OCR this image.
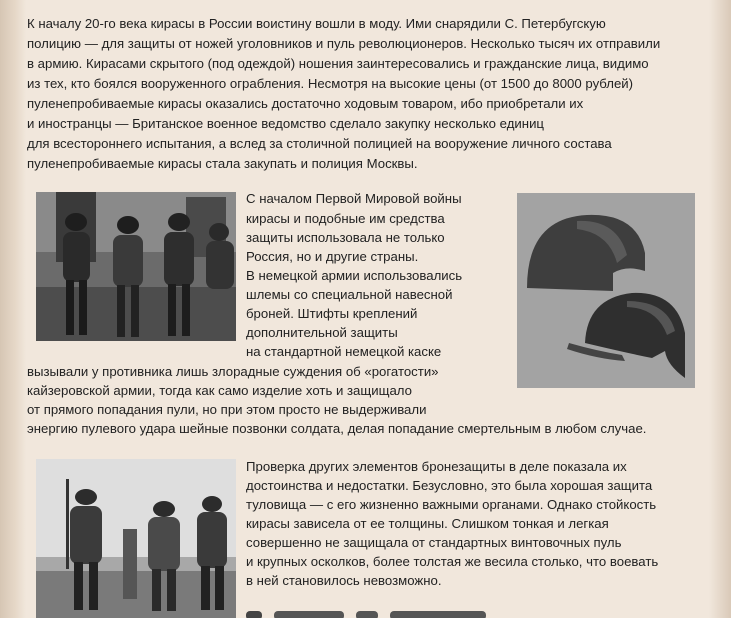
К началу 20-го века кирасы в России воистину вошли в моду. Ими снарядили С. Петербугскую

полицию — для защиты от ножей уголовников и пуль революционеров. Несколько тысяч их отправили

в армию. Кирасами скрытого (под одеждой) ношения заинтересовались и гражданские лица, видимо

из тех, кто боялся вооруженного ограбления. Несмотря на высокие цены (от 1500 до 8000 рублей)

пуленепробиваемые кирасы оказались достаточно ходовым товаром, ибо приобретали их

и иностранцы — Британское военное ведомство сделало закупку несколько единиц

для всестороннего испытания, а вслед за столичной полицией на вооружение личного состава

пуленепробиваемые кирасы стала закупать и полиция Москвы.

С началом Первой Мировой войны

кирасы и подобные им средства

защиты использовала не только

Россия, но и другие страны.

В немецкой армии использовались

шлемы со специальной навесной

броней. Штифты креплений

дополнительной защиты

на стандартной немецкой каске

вызывали у противника лишь злорадные суждения об «рогатости»

кайзеровской армии, тогда как само изделие хоть и защищало

от прямого попадания пули, но при этом просто не выдерживали

энергию пулевого удара шейные позвонки солдата, делая попадание смертельным в любом случае.

Проверка других элементов бронезащиты в деле показала их

достоинства и недостатки. Безусловно, это была хорошая защита

туловища — с его жизненно важными органами. Однако стойкость

кирасы зависела от ее толщины. Слишком тонкая и легкая

совершенно не защищала от стандартных винтовочных пуль

и крупных осколков, более толстая же весила столько, что воевать

в ней становилось невозможно.
